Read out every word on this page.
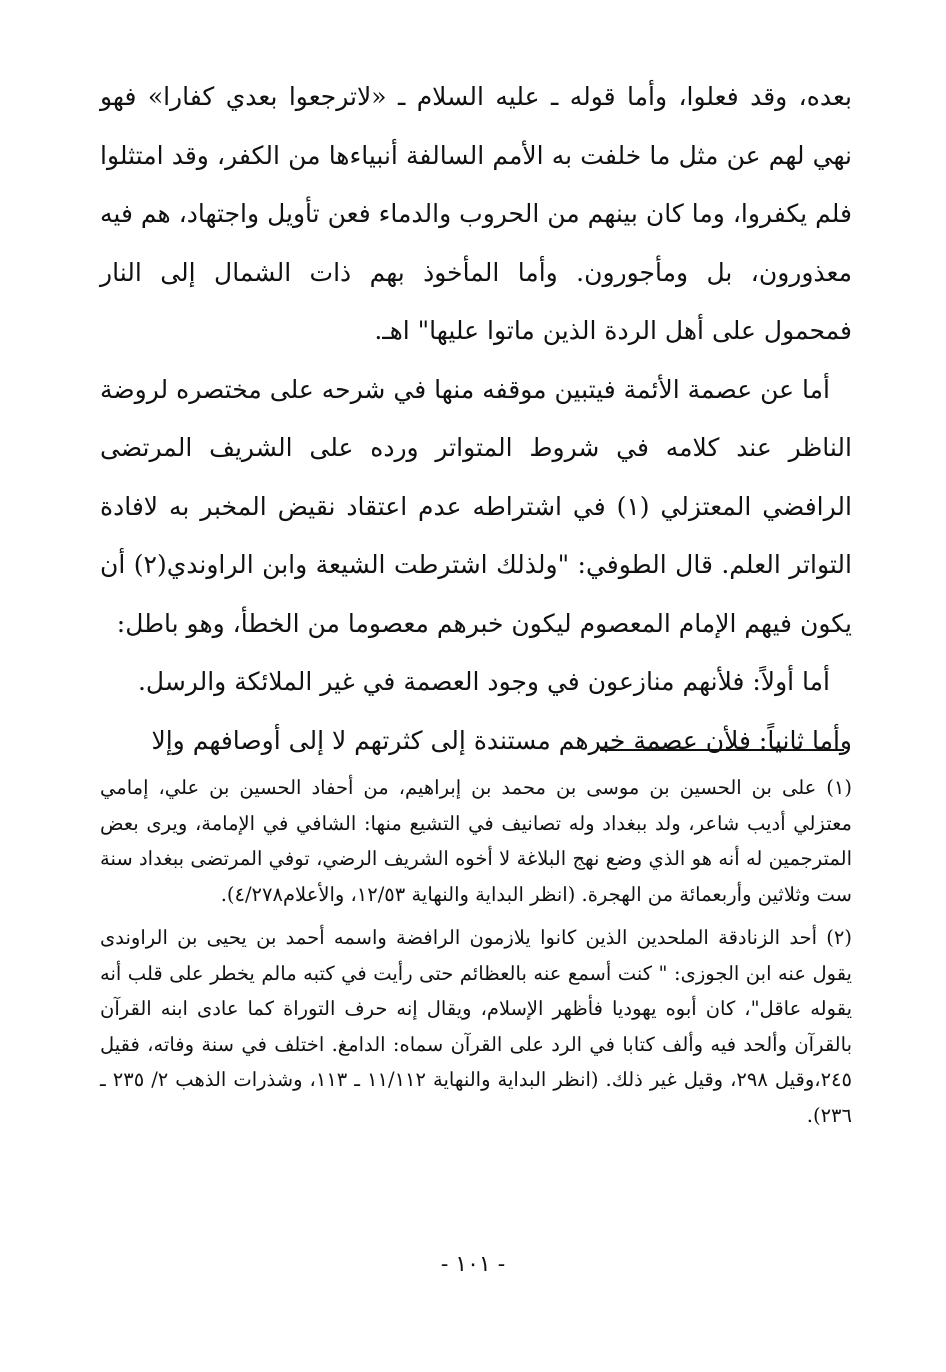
بعده، وقد فعلوا، وأما قوله ـ عليه السلام ـ «لاترجعوا بعدي كفارا» فهو نهي لهم عن مثل ما خلفت به الأمم السالفة أنبياءها من الكفر، وقد امتثلوا فلم يكفروا، وما كان بينهم من الحروب والدماء فعن تأويل واجتهاد، هم فيه معذورون، بل ومأجورون. وأما المأخوذ بهم ذات الشمال إلى النار فمحمول على أهل الردة الذين ماتوا عليها" اهـ.

أما عن عصمة الأئمة فيتبين موقفه منها في شرحه على مختصره لروضة الناظر عند كلامه في شروط المتواتر ورده على الشريف المرتضى الرافضي المعتزلي (١) في اشتراطه عدم اعتقاد نقيض المخبر به لافادة التواتر العلم. قال الطوفي: "ولذلك اشترطت الشيعة وابن الراوندي(٢) أن يكون فيهم الإمام المعصوم ليكون خبرهم معصوما من الخطأ، وهو باطل:

أما أولاً: فلأنهم منازعون في وجود العصمة في غير الملائكة والرسل.

وأما ثانياً: فلأن عصمة خبرهم مستندة إلى كثرتهم لا إلى أوصافهم وإلا

(١) على بن الحسين بن موسى بن محمد بن إبراهيم، من أحفاد الحسين بن علي، إمامي معتزلي أديب شاعر، ولد ببغداد وله تصانيف في التشيع منها: الشافي في الإمامة، ويرى بعض المترجمين له أنه هو الذي وضع نهج البلاغة لا أخوه الشريف الرضي، توفي المرتضى ببغداد سنة ست وثلاثين وأربعمائة من الهجرة. (انظر البداية والنهاية ١٢/٥٣، والأعلام٤/٢٧٨).

(٢) أحد الزنادقة الملحدين الذين كانوا يلازمون الرافضة واسمه أحمد بن يحيى بن الراوندى يقول عنه ابن الجوزى: " كنت أسمع عنه بالعظائم حتى رأيت في كتبه مالم يخطر على قلب أنه يقوله عاقل"، كان أبوه يهوديا فأظهر الإسلام، ويقال إنه حرف التوراة كما عادى ابنه القرآن بالقرآن وألحد فيه وألف كتابا في الرد على القرآن سماه: الدامغ. اختلف في سنة وفاته، فقيل ٢٤٥،وقيل ٢٩٨، وقيل غير ذلك. (انظر البداية والنهاية ١١/١١٢ ـ ١١٣، وشذرات الذهب ٢/ ٢٣٥ ـ ٢٣٦).

- ١٠١ -
